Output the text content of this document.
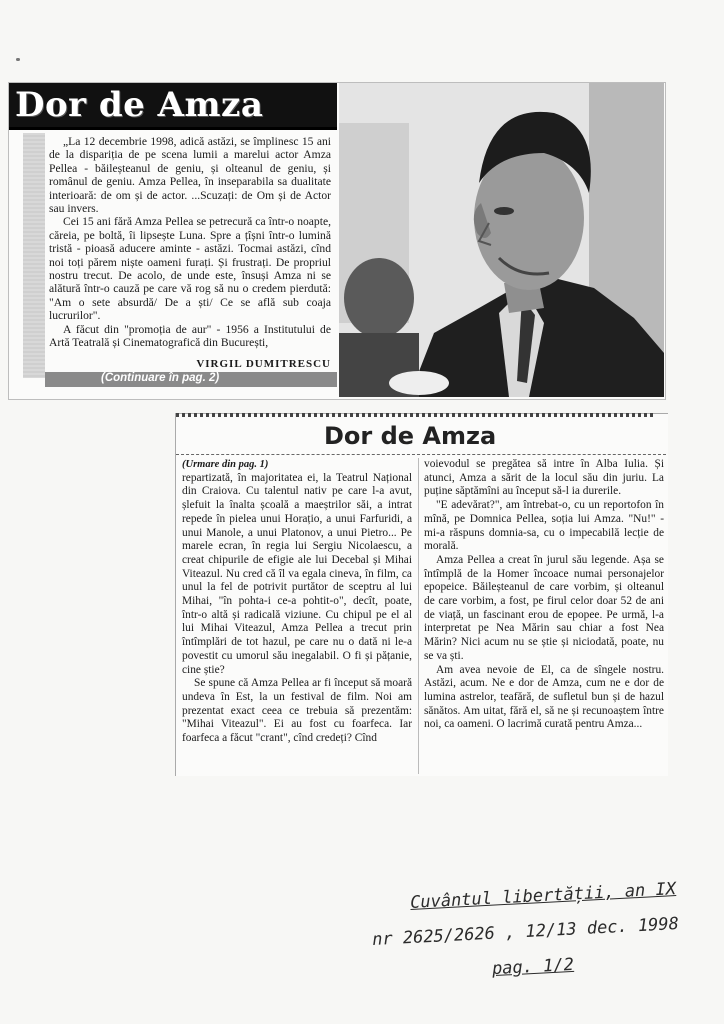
Dor de Amza

„La 12 decembrie 1998, adică astăzi, se împlinesc 15 ani de la dispariția de pe scena lumii a marelui actor Amza Pellea - băileșteanul de geniu, și olteanul de geniu, și românul de geniu. Amza Pellea, în inseparabila sa dualitate interioară: de om și de actor. ...Scuzați: de Om și de Actor sau invers.

Cei 15 ani fără Amza Pellea se petrecură ca într-o noapte, căreia, pe boltă, îi lipsește Luna. Spre a țîșni într-o lumină tristă - pioasă aducere aminte - astăzi. Tocmai astăzi, cînd noi toți părem niște oameni furați. Și frustrați. De propriul nostru trecut. De acolo, de unde este, însuși Amza ni se alătură într-o cauză pe care vă rog să nu o credem pierdută: "Am o sete absurdă/ De a ști/ Ce se află sub coaja lucrurilor".

A făcut din "promoția de aur" - 1956 a Institutului de Artă Teatrală și Cinematografică din București,

VIRGIL DUMITRESCU
(Continuare în pag. 2)
Dor de Amza

(Urmare din pag. 1)
repartizată, în majoritatea ei, la Teatrul Național din Craiova. Cu talentul nativ pe care l-a avut, șlefuit la înalta școală a maeștrilor săi, a intrat repede în pielea unui Horațio, a unui Farfuridi, a unui Manole, a unui Platonov, a unui Pietro... Pe marele ecran, în regia lui Sergiu Nicolaescu, a creat chipurile de efigie ale lui Decebal și Mihai Viteazul. Nu cred că îl va egala cineva, în film, ca unul la fel de potrivit purtător de sceptru al lui Mihai, "în pohta-i ce-a pohtit-o", decît, poate, într-o altă și radicală viziune. Cu chipul pe el al lui Mihai Viteazul, Amza Pellea a trecut prin întîmplări de tot hazul, pe care nu o dată ni le-a povestit cu umorul său inegalabil. O fi și pățanie, cine știe?

Se spune că Amza Pellea ar fi început să moară undeva în Est, la un festival de film. Noi am prezentat exact ceea ce trebuia să prezentăm: "Mihai Viteazul". Ei au fost cu foarfeca. Iar foarfeca a făcut "crant", cînd credeți? Cînd

voievodul se pregătea să intre în Alba Iulia. Și atunci, Amza a sărit de la locul său din juriu. La puține săptămîni au început să-l ia durerile.

"E adevărat?", am întrebat-o, cu un reportofon în mînă, pe Domnica Pellea, soția lui Amza. "Nu!" - mi-a răspuns domnia-sa, cu o impecabilă lecție de morală.

Amza Pellea a creat în jurul său legende. Așa se întîmplă de la Homer încoace numai personajelor epopeice. Băileșteanul de care vorbim, și olteanul de care vorbim, a fost, pe firul celor doar 52 de ani de viață, un fascinant erou de epopee. Pe urmă, l-a interpretat pe Nea Mărin sau chiar a fost Nea Mărin? Nici acum nu se știe și niciodată, poate, nu se va ști.

Am avea nevoie de El, ca de sîngele nostru. Astăzi, acum. Ne e dor de Amza, cum ne e dor de lumina astrelor, teafără, de sufletul bun și de hazul sănătos. Am uitat, fără el, să ne și recunoaștem între noi, ca oameni. O lacrimă curată pentru Amza...

Cuvântul libertății, an IX
nr 2625/2626 , 12/13 dec. 1998
pag. 1/2
